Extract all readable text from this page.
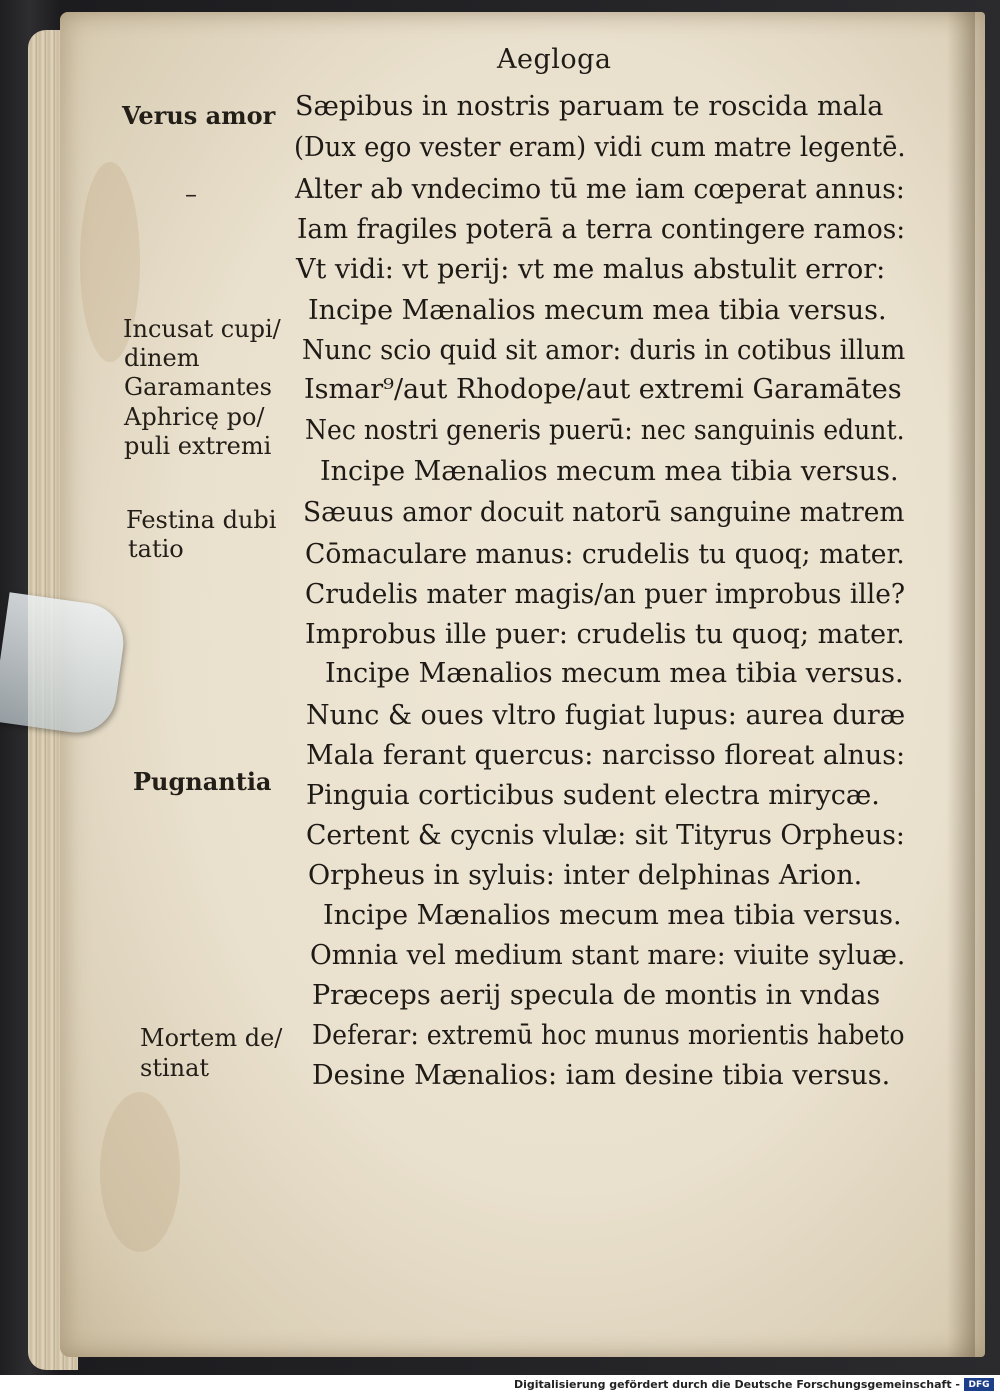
Aegloga
–
Verus amor
Incusat cupi/
dinem
Garamantes
Aphricę po/
puli extremi
Festina dubi
tatio
Pugnantia
Mortem de/
stinat
Sæpibus in nostris paruam te roscida mala
(Dux ego vester eram) vidi cum matre legentē.
Alter ab vndecimo tū me iam cœperat annus:
Iam fragiles poterā a terra contingere ramos:
Vt vidi: vt perij: vt me malus abstulit error:
Incipe Mænalios mecum mea tibia versus.
Nunc scio quid sit amor: duris in cotibus illum
Ismar⁹/aut Rhodope/aut extremi Garamātes
Nec nostri generis puerū: nec sanguinis edunt.
Incipe Mænalios mecum mea tibia versus.
Sæuus amor docuit natorū sanguine matrem
Cōmaculare manus: crudelis tu quoq; mater.
Crudelis mater magis/an puer improbus ille?
Improbus ille puer: crudelis tu quoq; mater.
Incipe Mænalios mecum mea tibia versus.
Nunc & oues vltro fugiat lupus: aurea duræ
Mala ferant quercus: narcisso floreat alnus:
Pinguia corticibus sudent electra mirycæ.
Certent & cycnis vlulæ: sit Tityrus Orpheus:
Orpheus in syluis: inter delphinas Arion.
Incipe Mænalios mecum mea tibia versus.
Omnia vel medium stant mare: viuite syluæ.
Præceps aerij specula de montis in vndas
Deferar: extremū hoc munus morientis habeto
Desine Mænalios: iam desine tibia versus.
Digitalisierung gefördert durch die Deutsche Forschungsgemeinschaft - DFG
